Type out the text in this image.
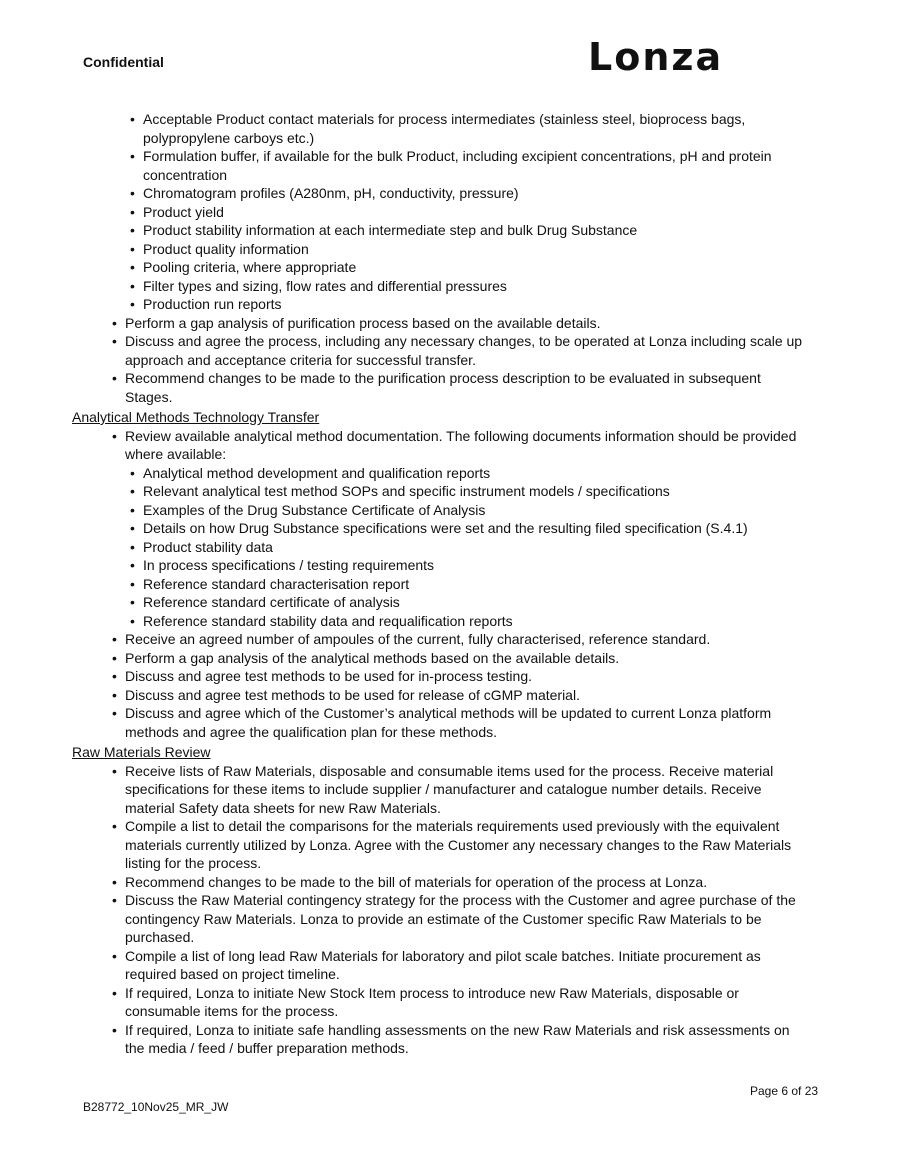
Confidential	Lonza
• Acceptable Product contact materials for process intermediates (stainless steel, bioprocess bags, polypropylene carboys etc.)
• Formulation buffer, if available for the bulk Product, including excipient concentrations, pH and protein concentration
• Chromatogram profiles (A280nm, pH, conductivity, pressure)
• Product yield
• Product stability information at each intermediate step and bulk Drug Substance
• Product quality information
• Pooling criteria, where appropriate
• Filter types and sizing, flow rates and differential pressures
• Production run reports
• Perform a gap analysis of purification process based on the available details.
• Discuss and agree the process, including any necessary changes, to be operated at Lonza including scale up approach and acceptance criteria for successful transfer.
• Recommend changes to be made to the purification process description to be evaluated in subsequent Stages.
Analytical Methods Technology Transfer
• Review available analytical method documentation. The following documents information should be provided where available:
• Analytical method development and qualification reports
• Relevant analytical test method SOPs and specific instrument models / specifications
• Examples of the Drug Substance Certificate of Analysis
• Details on how Drug Substance specifications were set and the resulting filed specification (S.4.1)
• Product stability data
• In process specifications / testing requirements
• Reference standard characterisation report
• Reference standard certificate of analysis
• Reference standard stability data and requalification reports
• Receive an agreed number of ampoules of the current, fully characterised, reference standard.
• Perform a gap analysis of the analytical methods based on the available details.
• Discuss and agree test methods to be used for in-process testing.
• Discuss and agree test methods to be used for release of cGMP material.
• Discuss and agree which of the Customer’s analytical methods will be updated to current Lonza platform methods and agree the qualification plan for these methods.
Raw Materials Review
• Receive lists of Raw Materials, disposable and consumable items used for the process. Receive material specifications for these items to include supplier / manufacturer and catalogue number details. Receive material Safety data sheets for new Raw Materials.
• Compile a list to detail the comparisons for the materials requirements used previously with the equivalent materials currently utilized by Lonza. Agree with the Customer any necessary changes to the Raw Materials listing for the process.
• Recommend changes to be made to the bill of materials for operation of the process at Lonza.
• Discuss the Raw Material contingency strategy for the process with the Customer and agree purchase of the contingency Raw Materials. Lonza to provide an estimate of the Customer specific Raw Materials to be purchased.
• Compile a list of long lead Raw Materials for laboratory and pilot scale batches. Initiate procurement as required based on project timeline.
• If required, Lonza to initiate New Stock Item process to introduce new Raw Materials, disposable or consumable items for the process.
• If required, Lonza to initiate safe handling assessments on the new Raw Materials and risk assessments on the media / feed / buffer preparation methods.
Page 6 of 23
B28772_10Nov25_MR_JW
